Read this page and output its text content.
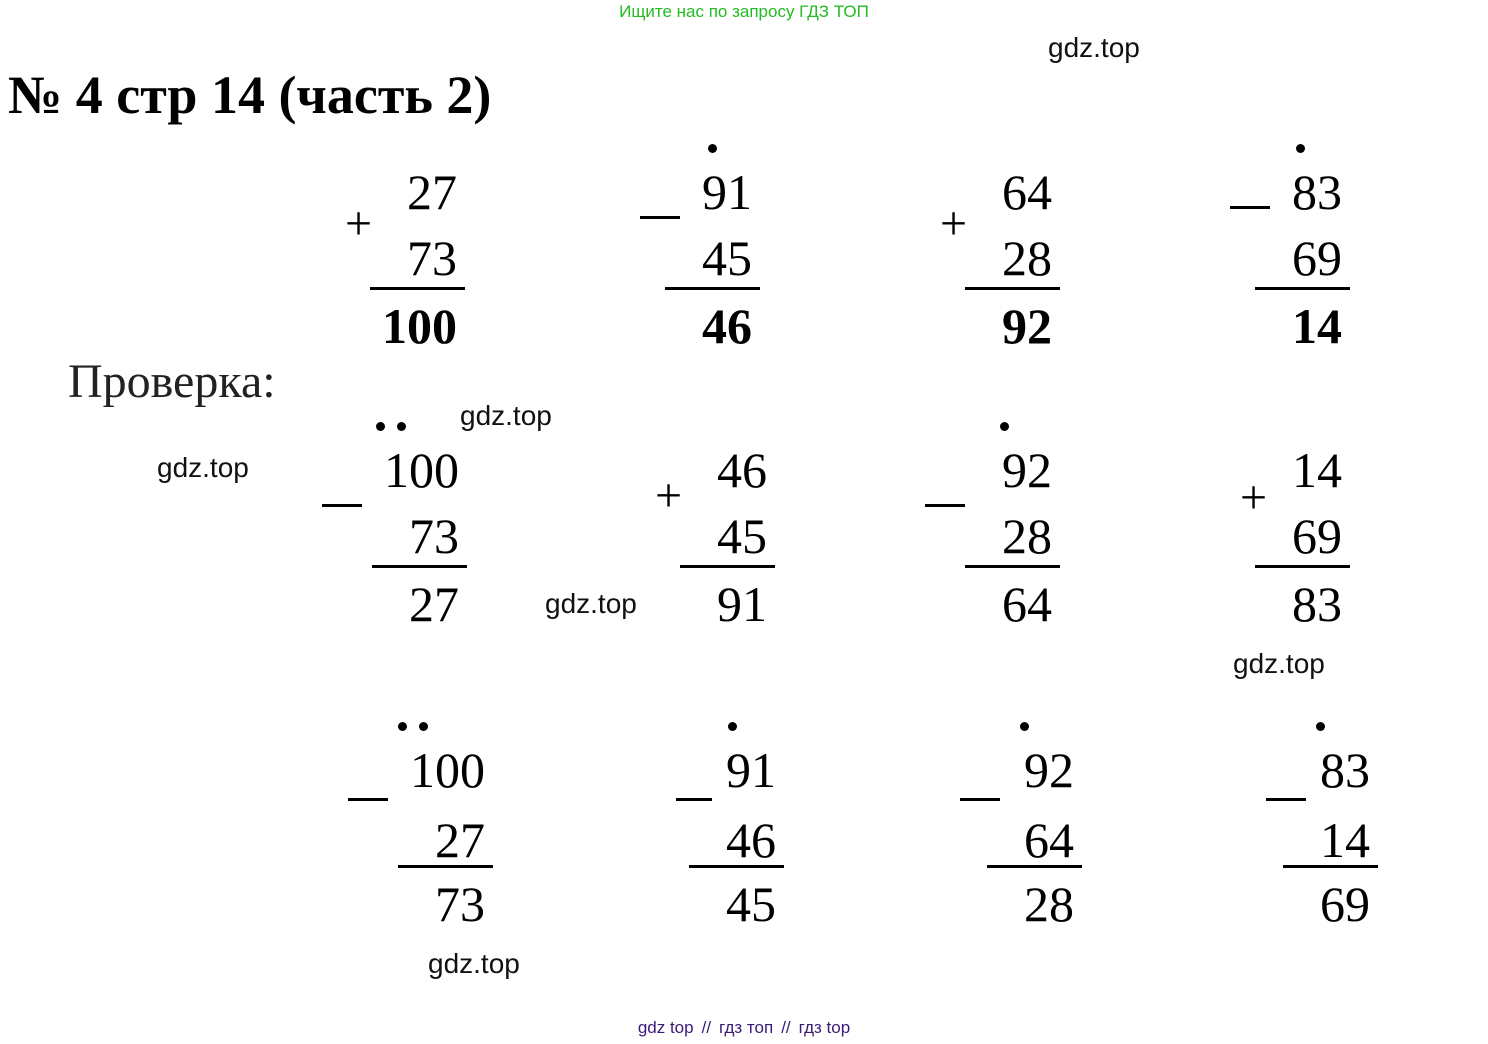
Ищите нас по запросу ГДЗ ТОП
№ 4 стр 14 (часть 2)
gdz.top
+
27
73
100
91
45
46
+
64
28
92
83
69
14
Проверка:
gdz.top
gdz.top	100
73
27
+ 46
45
91
92
28
64
+ 14
69
83
gdz.top
gdz.top
100
27
73
91
46
45
92
64
28
83
14
69
gdz.top
gdz top // гдз топ // гдз top
